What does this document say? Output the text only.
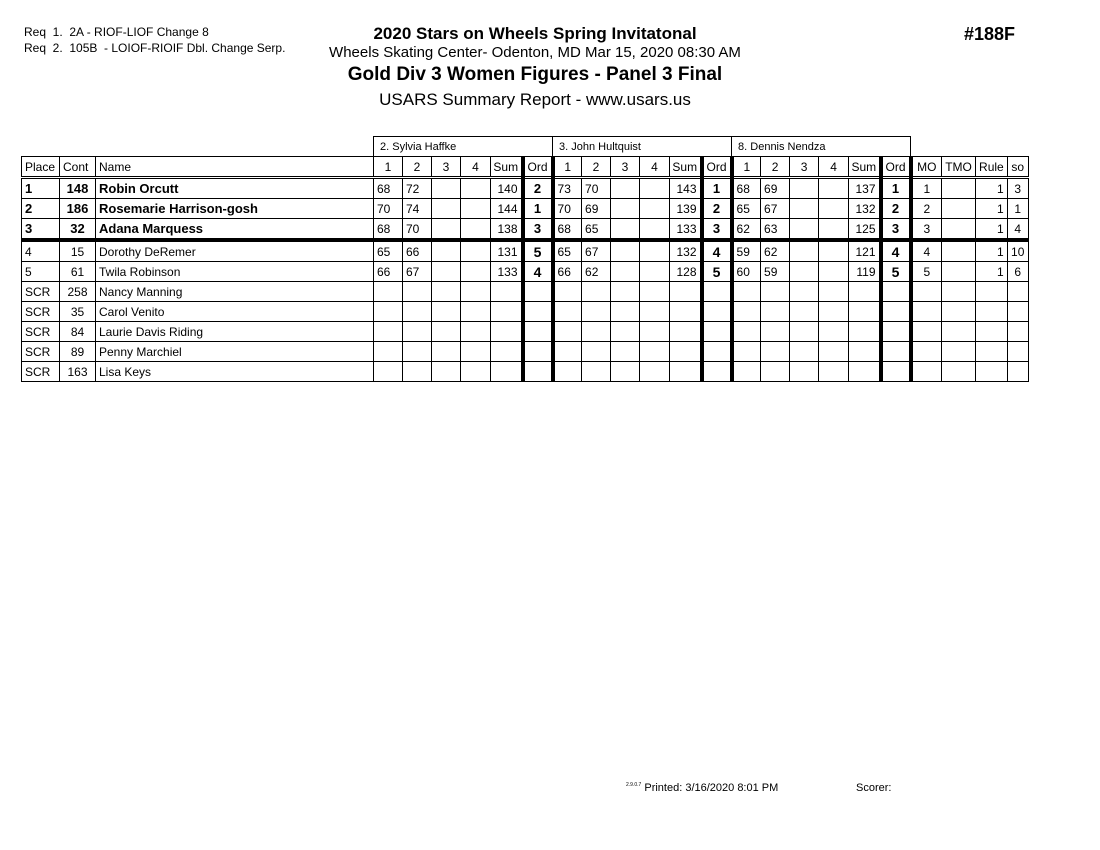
Req  1.  2A - RIOF-LIOF Change 8
Req  2.  105B  - LOIOF-RIOIF Dbl. Change Serp.
2020 Stars on Wheels Spring Invitatonal
Wheels Skating Center- Odenton, MD Mar 15, 2020 08:30 AM
Gold Div 3 Women Figures - Panel 3 Final
USARS Summary Report - www.usars.us
#188F
			2. Sylvia Haffke						3. John Hultquist						8. Dennis Nendza									
Place	Cont	Name	1	2	3	4	Sum	Ord	1	2	3	4	Sum	Ord	1	2	3	4	Sum	Ord	MO	TMO	Rule	so
1	148	Robin Orcutt	68	72			140	2	73	70			143	1	68	69			137	1	1		1	3
2	186	Rosemarie Harrison-gosh	70	74			144	1	70	69			139	2	65	67			132	2	2		1	1
3	32	Adana Marquess	68	70			138	3	68	65			133	3	62	63			125	3	3		1	4
4	15	Dorothy DeRemer	65	66			131	5	65	67			132	4	59	62			121	4	4		1	10
5	61	Twila Robinson	66	67			133	4	66	62			128	5	60	59			119	5	5		1	6
SCR	258	Nancy Manning																						
SCR	35	Carol Venito																						
SCR	84	Laurie Davis Riding																						
SCR	89	Penny Marchiel																						
SCR	163	Lisa Keys																						
$^{2.9.0.7}$ Printed: 3/16/2020 8:01 PM	Scorer:
